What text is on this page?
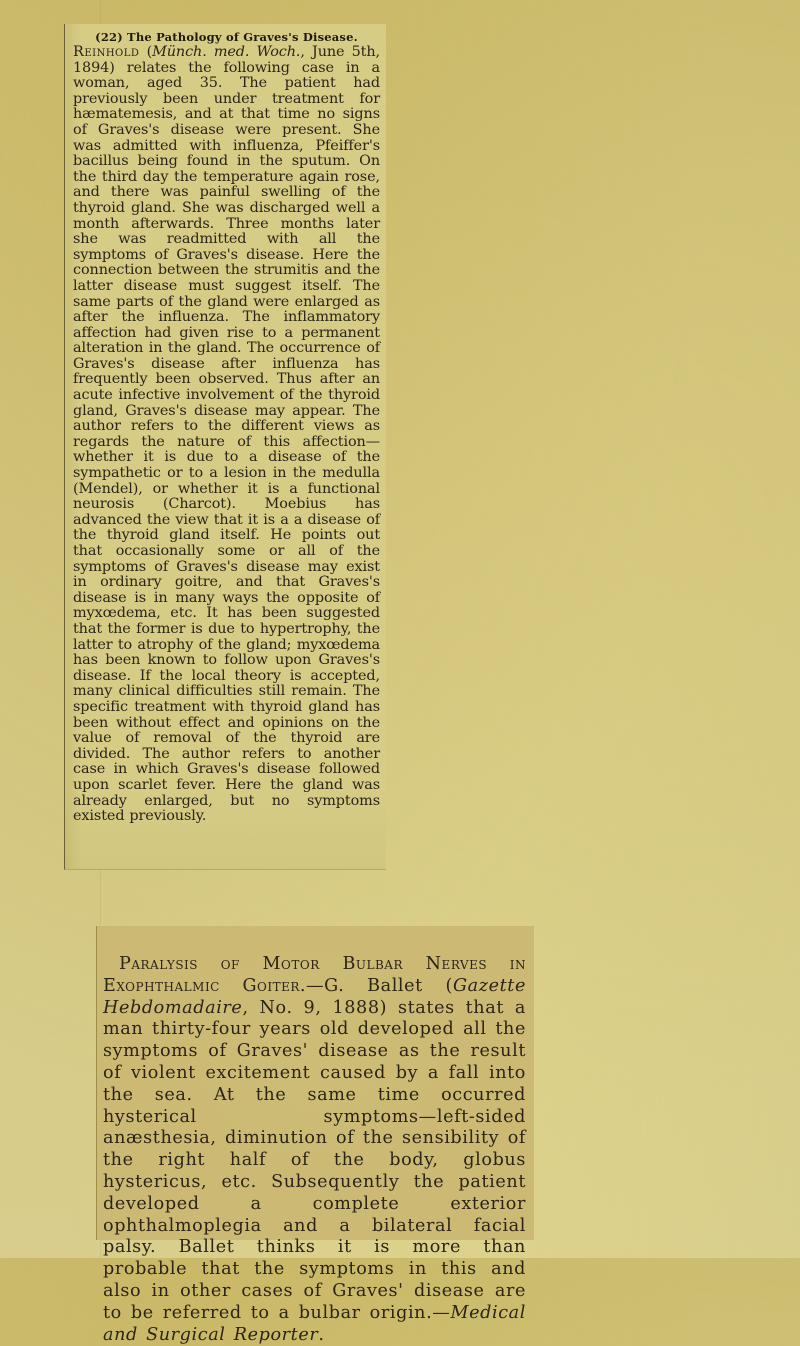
(22) The Pathology of Graves's Disease.

Reinhold (Münch. med. Woch., June 5th, 1894) relates the following case in a woman, aged 35. The patient had previously been under treatment for hæmatemesis, and at that time no signs of Graves's disease were present. She was admitted with influenza, Pfeiffer's bacillus being found in the sputum. On the third day the temperature again rose, and there was painful swelling of the thyroid gland. She was discharged well a month afterwards. Three months later she was readmitted with all the symptoms of Graves's disease. Here the connection between the strumitis and the latter disease must suggest itself. The same parts of the gland were enlarged as after the influenza. The inflammatory affection had given rise to a permanent alteration in the gland. The occurrence of Graves's disease after influenza has frequently been observed. Thus after an acute infective involvement of the thyroid gland, Graves's disease may appear. The author refers to the different views as regards the nature of this affection—whether it is due to a disease of the sympathetic or to a lesion in the medulla (Mendel), or whether it is a functional neurosis (Charcot). Moebius has advanced the view that it is a a disease of the thyroid gland itself. He points out that occasionally some or all of the symptoms of Graves's disease may exist in ordinary goitre, and that Graves's disease is in many ways the opposite of myxœdema, etc. It has been suggested that the former is due to hypertrophy, the latter to atrophy of the gland; myxœdema has been known to follow upon Graves's disease. If the local theory is accepted, many clinical difficulties still remain. The specific treatment with thyroid gland has been without effect and opinions on the value of removal of the thyroid are divided. The author refers to another case in which Graves's disease followed upon scarlet fever. Here the gland was already enlarged, but no symptoms existed previously.

Paralysis of Motor Bulbar Nerves in Exophthalmic Goiter.—G. Ballet (Gazette Hebdomadaire, No. 9, 1888) states that a man thirty-four years old developed all the symptoms of Graves' disease as the result of violent excitement caused by a fall into the sea. At the same time occurred hysterical symptoms—left-sided anæsthesia, diminution of the sensibility of the right half of the body, globus hystericus, etc. Subsequently the patient developed a complete exterior ophthalmoplegia and a bilateral facial palsy. Ballet thinks it is more than probable that the symptoms in this and also in other cases of Graves' disease are to be referred to a bulbar origin.—Medical and Surgical Reporter.
